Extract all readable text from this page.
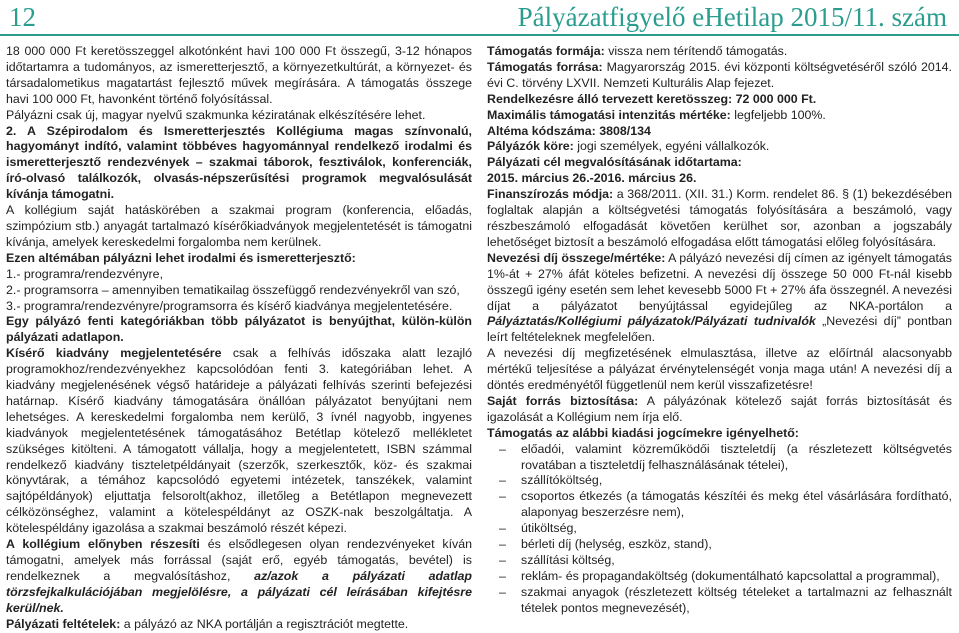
12	Pályázatfigyelő eHetilap 2015/11. szám

18 000 000 Ft keretösszeggel alkotónként havi 100 000 Ft összegű, 3-12 hónapos időtartamra a tudományos, az ismeretterjesztő, a környezetkultúrát, a környezet- és társadalometikus magatartást fejlesztő művek megírására. A támogatás összege havi 100 000 Ft, havonként történő folyósítással.

Pályázni csak új, magyar nyelvű szakmunka kéziratának elkészítésére lehet.

2. A Szépirodalom és Ismeretterjesztés Kollégiuma magas színvonalú, hagyományt indító, valamint többéves hagyománnyal rendelkező irodalmi és ismeretterjesztő rendezvények – szakmai táborok, fesztiválok, konferenciák, író-olvasó találkozók, olvasás-népszerűsítési programok megvalósulását kívánja támogatni.

A kollégium saját hatáskörében a szakmai program (konferencia, előadás, szimpózium stb.) anyagát tartalmazó kísérőkiadványok megjelentetését is támogatni kívánja, amelyek kereskedelmi forgalomba nem kerülnek.

Ezen altémában pályázni lehet irodalmi és ismeretterjesztő:

1.- programra/rendezvényre,

2.- programsorra – amennyiben tematikailag összefüggő rendezvényekről van szó,

3.- programra/rendezvényre/programsorra és kísérő kiadványa megjelentetésére.

Egy pályázó fenti kategóriákban több pályázatot is benyújthat, külön-külön pályázati adatlapon.

Kísérő kiadvány megjelentetésére csak a felhívás időszaka alatt lezajló programokhoz/rendezvényekhez kapcsolódóan fenti 3. kategóriában lehet. A kiadvány megjelenésének végső határideje a pályázati felhívás szerinti befejezési határnap. Kísérő kiadvány támogatására önállóan pályázatot benyújtani nem lehetséges. A kereskedelmi forgalomba nem kerülő, 3 ívnél nagyobb, ingyenes kiadványok megjelentetésének támogatásához Betétlap kötelező mellékletet szükséges kitölteni. A támogatott vállalja, hogy a megjelentetett, ISBN számmal rendelkező kiadvány tiszteletpéldányait (szerzők, szerkesztők, köz- és szakmai könyvtárak, a témához kapcsolódó egyetemi intézetek, tanszékek, valamint sajtópéldányok) eljuttatja felsorolt(akhoz, illetőleg a Betétlapon megnevezett célközönséghez, valamint a kötelespéldányt az OSZK-nak beszolgáltatja. A kötelespéldány igazolása a szakmai beszámoló részét képezi.

A kollégium előnyben részesíti és elsődlegesen olyan rendezvényeket kíván támogatni, amelyek más forrással (saját erő, egyéb támogatás, bevétel) is rendelkeznek a megvalósításhoz, az/azok a pályázati adatlap törzsfejkalkulációjában megjelölésre, a pályázati cél leírásában kifejtésre kerül/nek.

Pályázati feltételek: a pályázó az NKA portálján a regisztrációt megtette.

Támogatás formája: vissza nem térítendő támogatás.

Támogatás forrása: Magyarország 2015. évi központi költségvetéséről szóló 2014. évi C. törvény LXVII. Nemzeti Kulturális Alap fejezet.

Rendelkezésre álló tervezett keretösszeg: 72 000 000 Ft.

Maximális támogatási intenzitás mértéke: legfeljebb 100%.

Altéma kódszáma: 3808/134

Pályázók köre: jogi személyek, egyéni vállalkozók.

Pályázati cél megvalósításának időtartama:

2015. március 26.-2016. március 26.

Finanszírozás módja: a 368/2011. (XII. 31.) Korm. rendelet 86. § (1) bekezdésében foglaltak alapján a költségvetési támogatás folyósítására a beszámoló, vagy részbeszámoló elfogadását követően kerülhet sor, azonban a jogszabály lehetőséget biztosít a beszámoló elfogadása előtt támogatási előleg folyósítására.

Nevezési díj összege/mértéke: A pályázó nevezési díj címen az igényelt támogatás 1%-át + 27% áfát köteles befizetni. A nevezési díj összege 50 000 Ft-nál kisebb összegű igény esetén sem lehet kevesebb 5000 Ft + 27% áfa összegnél. A nevezési díjat a pályázatot benyújtással egyidejűleg az NKA-portálon a Pályáztatás/Kollégiumi pályázatok/Pályázati tudnivalók „Nevezési díj” pontban leírt feltételeknek megfelelően.

A nevezési díj megfizetésének elmulasztása, illetve az előírtnál alacsonyabb mértékű teljesítése a pályázat érvénytelenségét vonja maga után! A nevezési díj a döntés eredményétől függetlenül nem kerül visszafizetésre!

Saját forrás biztosítása: A pályázónak kötelező saját forrás biztosítását és igazolását a Kollégium nem írja elő.

Támogatás az alábbi kiadási jogcímekre igényelhető:

– előadói, valamint közreműködői tiszteletdíj (a részletezett költségvetés rovatában a tiszteletdíj felhasználásának tételei),
– szállítóköltség,
– csoportos étkezés (a támogatás készítéi és mekg étel vásárlására fordítható, alaponyag beszerzésre nem),
– útiköltség,
– bérleti díj (helység, eszköz, stand),
– szállítási költség,
– reklám- és propagandaköltség (dokumentálható kapcsolattal a programmal),
– szakmai anyagok (részletezett költség tételeket a tartalmazni az felhasznált tételek pontos megnevezését),
